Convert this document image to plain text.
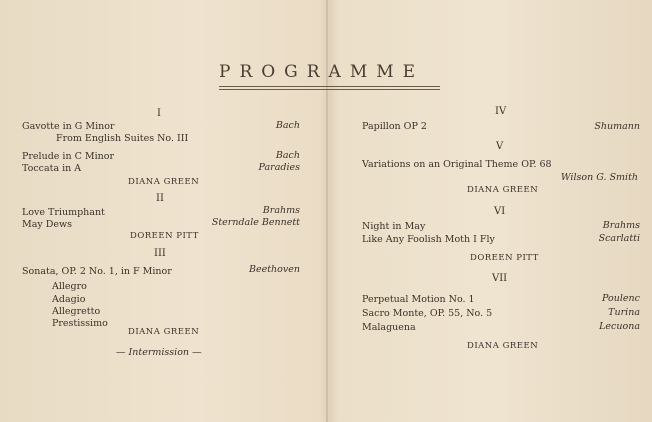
PROGRAMME
I
Gavotte in G Minor	Bach
From English Suites No. III
Prelude in C Minor	Bach
Toccata in A	Paradies
DIANA GREEN
II
Love Triumphant	Brahms
May Dews	Sterndale Bennett
DOREEN PITT
III
Sonata, OP. 2 No. 1, in F Minor	Beethoven
Allegro
Adagio
Allegretto
Prestissimo
DIANA GREEN
— Intermission —
IV
Papillon OP 2	Shumann
V
Variations on an Original Theme OP. 68
Wilson G. Smith
DIANA GREEN
VI
Night in May	Brahms
Like Any Foolish Moth I Fly	Scarlatti
DOREEN PITT
VII
Perpetual Motion No. 1	Poulenc
Sacro Monte, OP. 55, No. 5	Turina
Malaguena	Lecuona
DIANA GREEN
